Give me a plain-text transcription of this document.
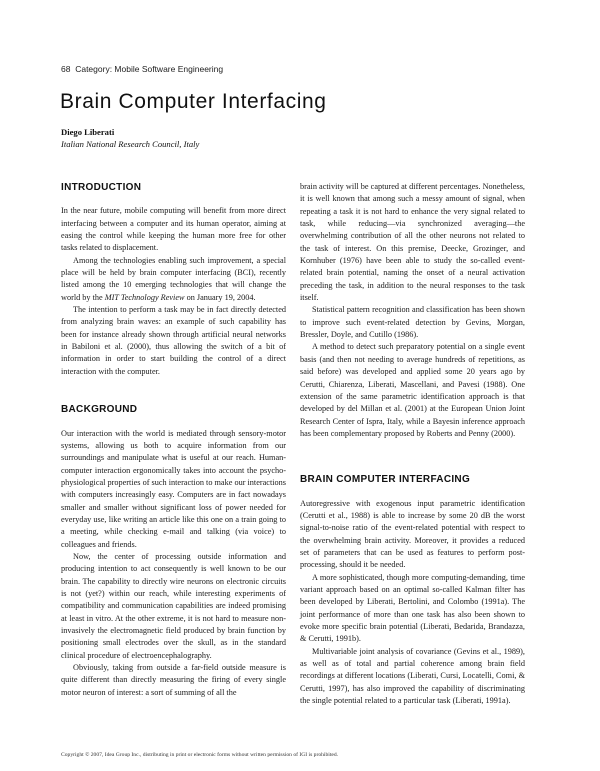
68 Category: Mobile Software Engineering
Brain Computer Interfacing
Diego Liberati
Italian National Research Council, Italy
INTRODUCTION

In the near future, mobile computing will benefit from more direct interfacing between a computer and its human operator, aiming at easing the control while keeping the human more free for other tasks related to displacement.

Among the technologies enabling such improvement, a special place will be held by brain computer interfacing (BCI), recently listed among the 10 emerging technologies that will change the world by the MIT Technology Review on January 19, 2004.

The intention to perform a task may be in fact directly detected from analyzing brain waves: an example of such capability has been for instance already shown through artificial neural networks in Babiloni et al. (2000), thus allowing the switch of a bit of information in order to start building the control of a direct interaction with the computer.

BACKGROUND

Our interaction with the world is mediated through sensory-motor systems, allowing us both to acquire information from our surroundings and manipulate what is useful at our reach. Human-computer interaction ergonomically takes into account the psycho-physiological properties of such interaction to make our interactions with computers increasingly easy. Computers are in fact nowadays smaller and smaller without significant loss of power needed for everyday use, like writing an article like this one on a train going to a meeting, while checking e-mail and talking (via voice) to colleagues and friends.

Now, the center of processing outside information and producing intention to act consequently is well known to be our brain. The capability to directly wire neurons on electronic circuits is not (yet?) within our reach, while interesting experiments of compatibility and communication capabilities are indeed promising at least in vitro. At the other extreme, it is not hard to measure non-invasively the electromagnetic field produced by brain function by positioning small electrodes over the skull, as in the standard clinical procedure of electroencephalography.

Obviously, taking from outside a far-field outside measure is quite different than directly measuring the firing of every single motor neuron of interest: a sort of summing of all the

brain activity will be captured at different percentages. Nonetheless, it is well known that among such a messy amount of signal, when repeating a task it is not hard to enhance the very signal related to task, while reducing—via synchronized averaging—the overwhelming contribution of all the other neurons not related to the task of interest. On this premise, Deecke, Grozinger, and Kornhuber (1976) have been able to study the so-called event-related brain potential, naming the onset of a neural activation preceding the task, in addition to the neural responses to the task itself.

Statistical pattern recognition and classification has been shown to improve such event-related detection by Gevins, Morgan, Bressler, Doyle, and Cutillo (1986).

A method to detect such preparatory potential on a single event basis (and then not needing to average hundreds of repetitions, as said before) was developed and applied some 20 years ago by Cerutti, Chiarenza, Liberati, Mascellani, and Pavesi (1988). One extension of the same parametric identification approach is that developed by del Millan et al. (2001) at the European Union Joint Research Center of Ispra, Italy, while a Bayesin inference approach has been complementary proposed by Roberts and Penny (2000).

BRAIN COMPUTER INTERFACING

Autoregressive with exogenous input parametric identification (Cerutti et al., 1988) is able to increase by some 20 dB the worst signal-to-noise ratio of the event-related potential with respect to the overwhelming brain activity. Moreover, it provides a reduced set of parameters that can be used as features to perform post-processing, should it be needed.

A more sophisticated, though more computing-demanding, time variant approach based on an optimal so-called Kalman filter has been developed by Liberati, Bertolini, and Colombo (1991a). The joint performance of more than one task has also been shown to evoke more specific brain potential (Liberati, Bedarida, Brandazza, & Cerutti, 1991b).

Multivariable joint analysis of covariance (Gevins et al., 1989), as well as of total and partial coherence among brain field recordings at different locations (Liberati, Cursi, Locatelli, Comi, & Cerutti, 1997), has also improved the capability of discriminating the single potential related to a particular task (Liberati, 1991a).

Copyright © 2007, Idea Group Inc., distributing in print or electronic forms without written permission of IGI is prohibited.
